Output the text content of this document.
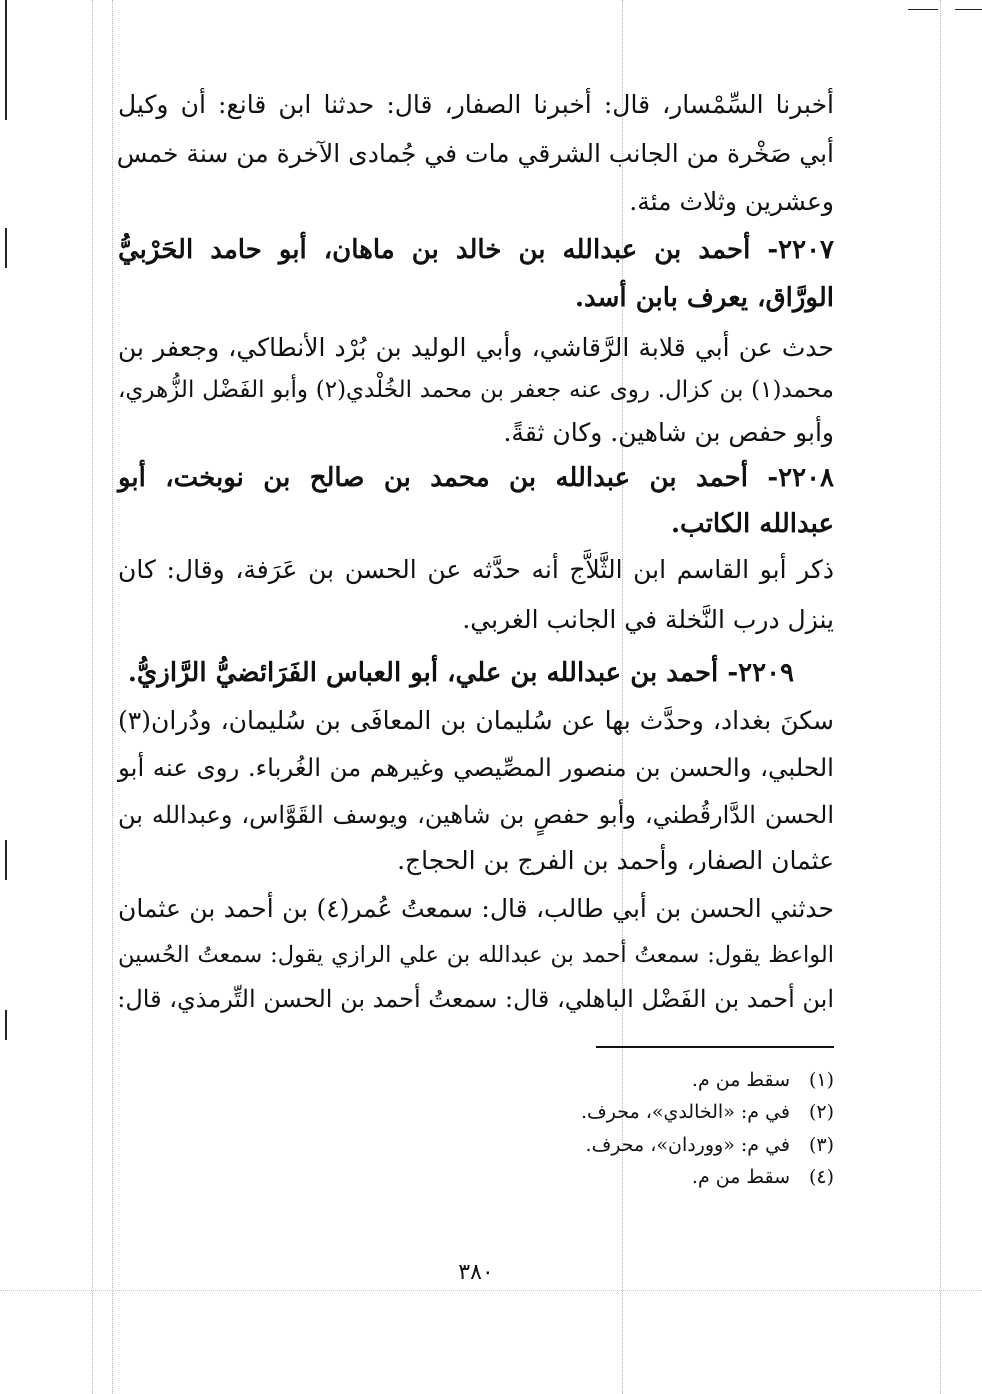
أخبرنا السِّمْسار، قال: أخبرنا الصفار، قال: حدثنا ابن قانع: أن وكيل
أبي صَخْرة من الجانب الشرقي مات في جُمادى الآخرة من سنة خمس
وعشرين وثلاث مئة.
٢٢٠٧- أحمد بن عبدالله بن خالد بن ماهان، أبو حامد الحَرْبيُّ
الورَّاق، يعرف بابن أسد.
حدث عن أبي قلابة الرَّقاشي، وأبي الوليد بن بُرْد الأنطاكي، وجعفر بن
محمد(١) بن كزال. روى عنه جعفر بن محمد الخُلْدي(٢) وأبو الفَضْل الزُّهري،
وأبو حفص بن شاهين. وكان ثقةً.
٢٢٠٨- أحمد بن عبدالله بن محمد بن صالح بن نوبخت، أبو
عبدالله الكاتب.
ذكر أبو القاسم ابن الثَّلاَّج أنه حدَّثه عن الحسن بن عَرَفة، وقال: كان
ينزل درب النَّخلة في الجانب الغربي.
٢٢٠٩- أحمد بن عبدالله بن علي، أبو العباس الفَرَائضيُّ الرَّازيُّ.
سكنَ بغداد، وحدَّث بها عن سُليمان بن المعافَى بن سُليمان، ودُران(٣)
الحلبي، والحسن بن منصور المصِّيصي وغيرهم من الغُرباء. روى عنه أبو
الحسن الدَّارقُطني، وأبو حفصٍ بن شاهين، ويوسف القَوَّاس، وعبدالله بن
عثمان الصفار، وأحمد بن الفرج بن الحجاج.
حدثني الحسن بن أبي طالب، قال: سمعتُ عُمر(٤) بن أحمد بن عثمان
الواعظ يقول: سمعتُ أحمد بن عبدالله بن علي الرازي يقول: سمعتُ الحُسين
ابن أحمد بن الفَضْل الباهلي، قال: سمعتُ أحمد بن الحسن التِّرمذي، قال:
(١)سقط من م.
(٢)في م: «الخالدي»، محرف.
(٣)في م: «ووردان»، محرف.
(٤)سقط من م.
٣٨٠
